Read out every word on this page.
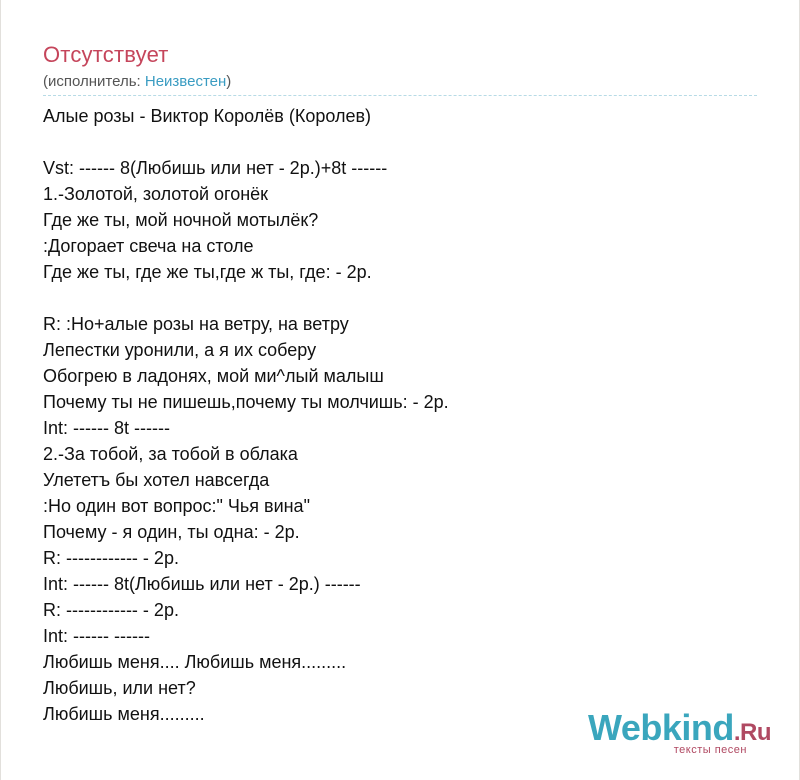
Отсутствует
(исполнитель: Неизвестен)
Алые розы - Виктор Королёв (Королев)
Vst: ------ 8(Любишь или нет - 2р.)+8t ------
1.-Золотой, золотой огонёк
Где же ты, мой ночной мотылёк?
:Догорает свеча на столе
Где же ты, где же ты,где ж ты, где: - 2р.
R: :Но+алые розы на ветру, на ветру
Лепестки уронили, а я их соберу
Обогрею в ладонях, мой ми^лый малыш
Почему ты не пишешь,почему ты молчишь: - 2р.
Int: ------ 8t ------
2.-За тобой, за тобой в облака
Улететъ бы хотел навсегда
:Но один вот вопрос:" Чья вина"
Почему - я один, ты одна: - 2р.
R: ------------ - 2р.
Int: ------ 8t(Любишь или нет - 2р.) ------
R: ------------ - 2р.
Int: ------ ------
Любишь меня.... Любишь меня.........
Любишь, или нет?
Любишь меня.........	Webkind.Ru
тексты песен
